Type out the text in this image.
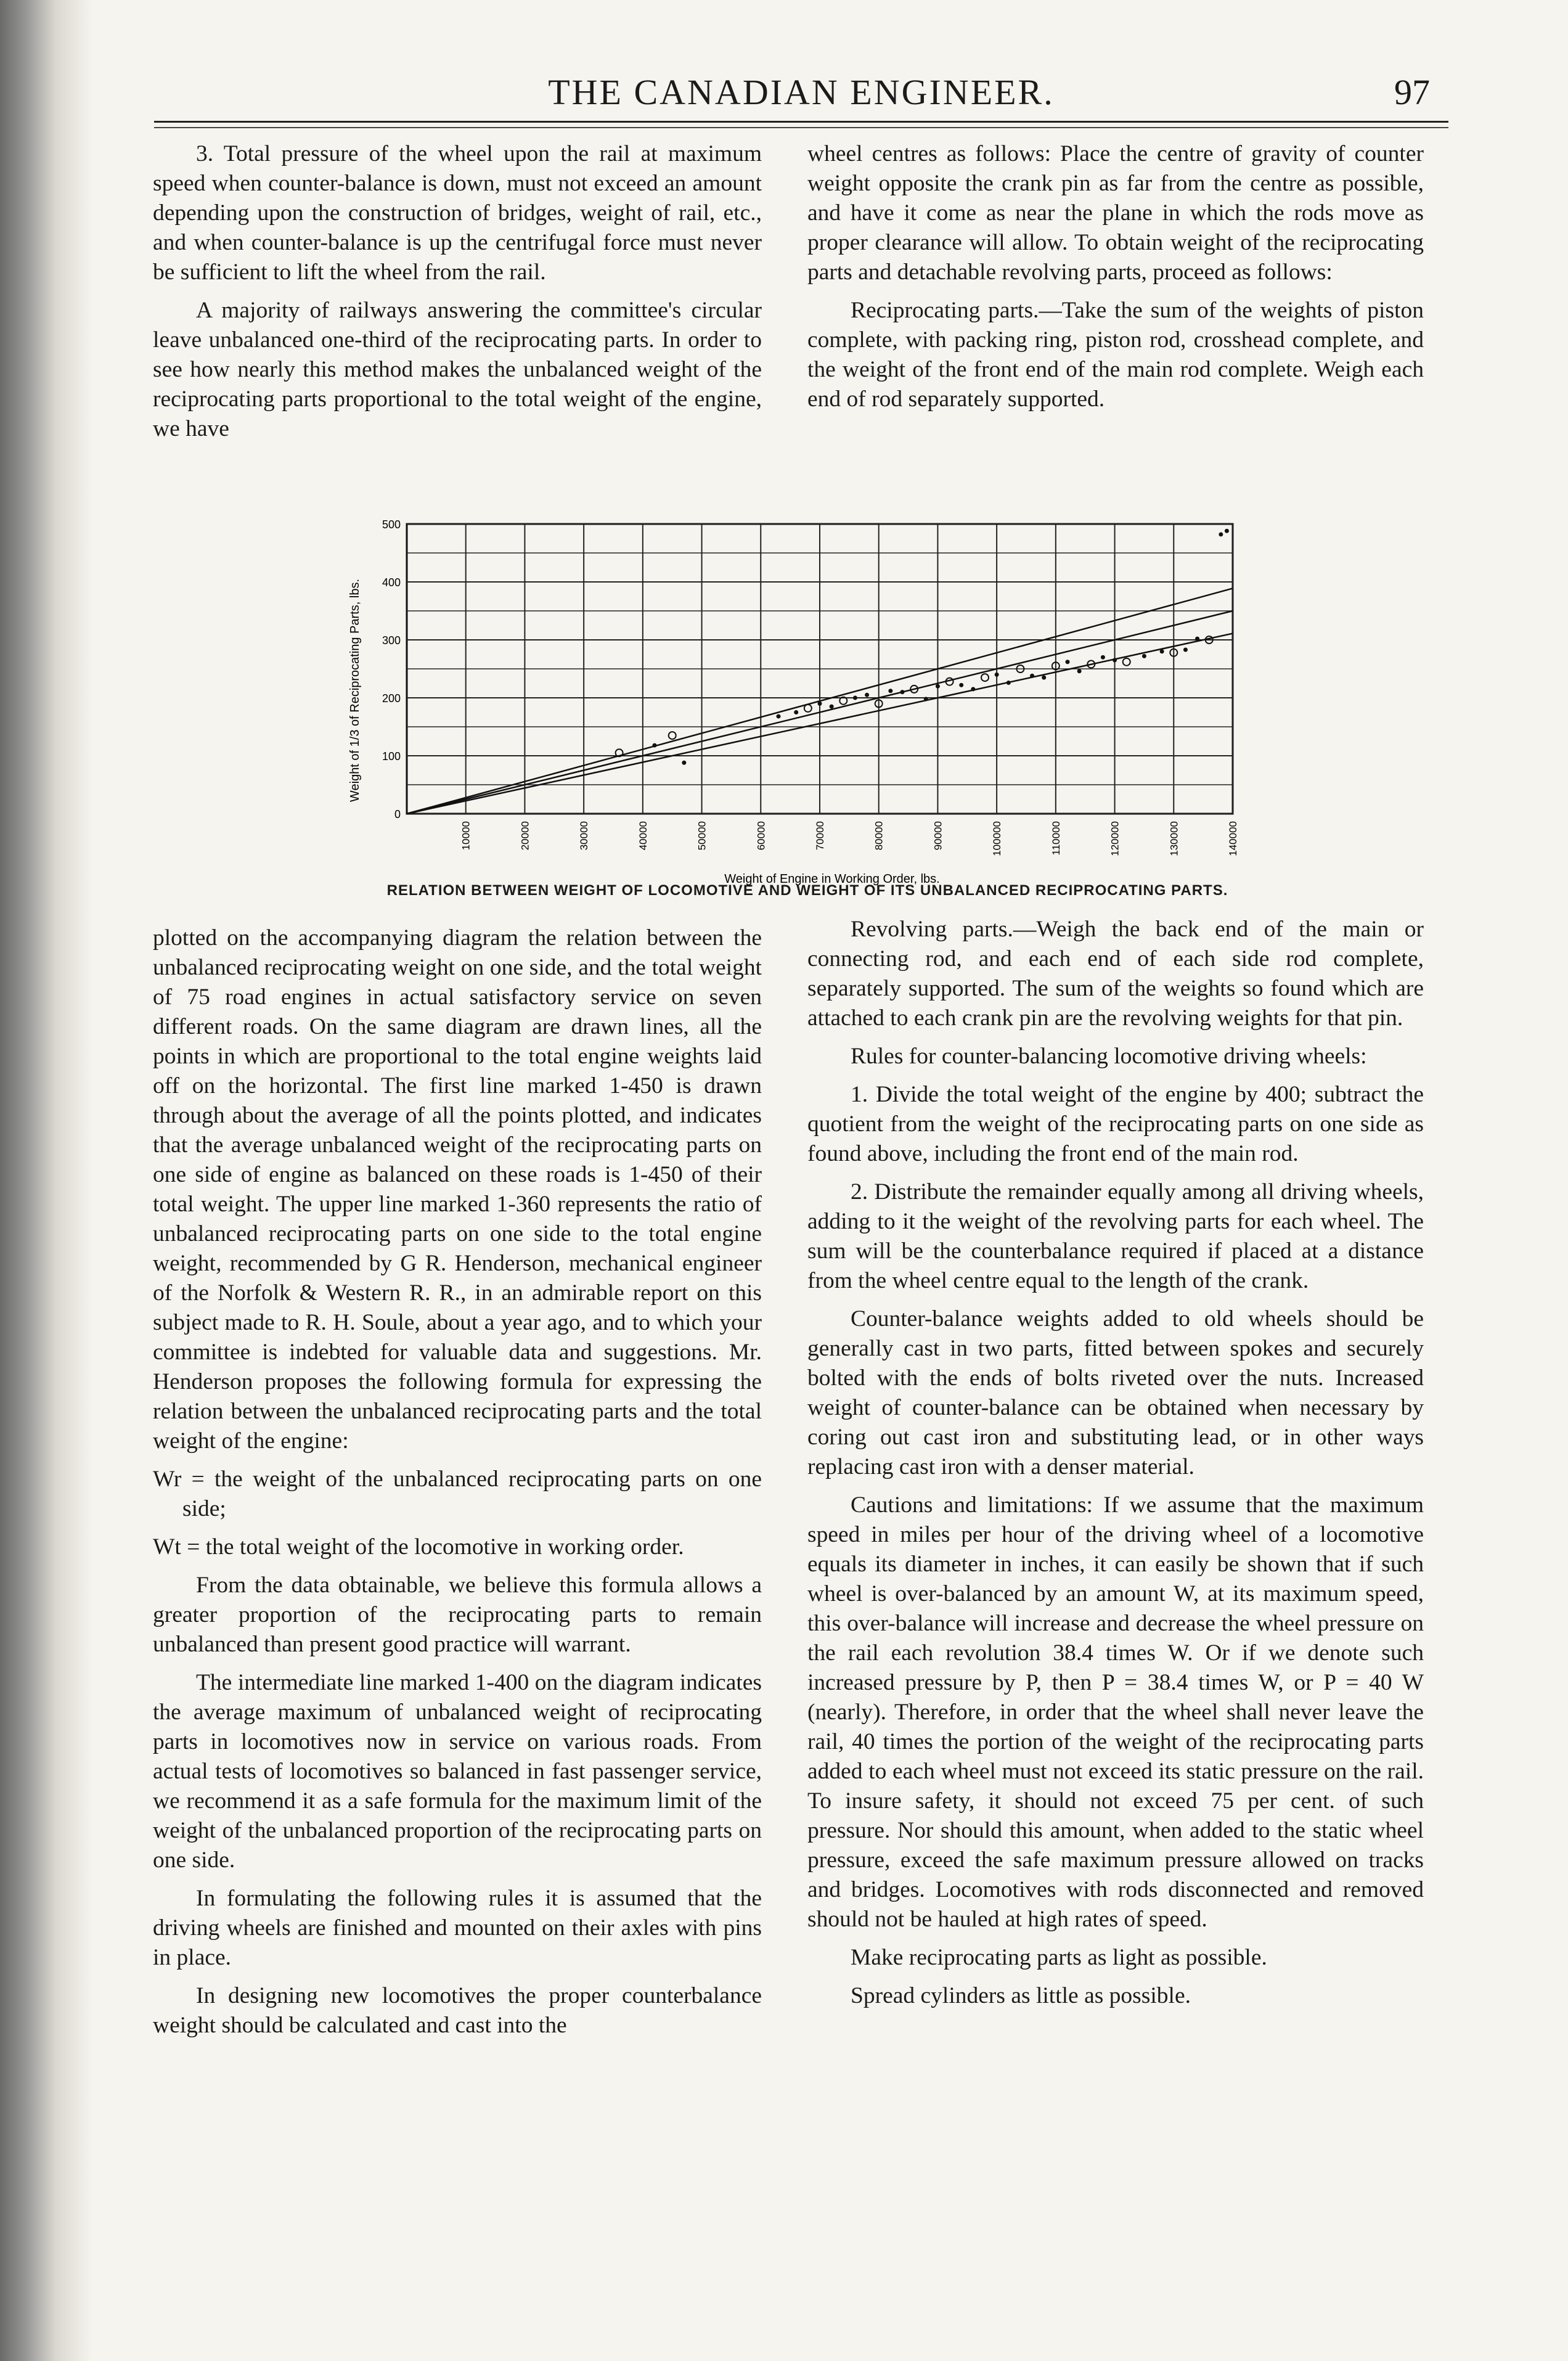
THE CANADIAN ENGINEER.	97

3. Total pressure of the wheel upon the rail at maximum speed when counter-balance is down, must not exceed an amount depending upon the construction of bridges, weight of rail, etc., and when counter-balance is up the centrifugal force must never be sufficient to lift the wheel from the rail.

A majority of railways answering the committee's circular leave unbalanced one-third of the reciprocating parts. In order to see how nearly this method makes the unbalanced weight of the reciprocating parts proportional to the total weight of the engine, we have

wheel centres as follows: Place the centre of gravity of counter weight opposite the crank pin as far from the centre as possible, and have it come as near the plane in which the rods move as proper clearance will allow. To obtain weight of the reciprocating parts and detachable revolving parts, proceed as follows:

Reciprocating parts.—Take the sum of the weights of piston complete, with packing ring, piston rod, crosshead complete, and the weight of the front end of the main rod complete. Weigh each end of rod separately supported.

0
100
200
300
400
500
10000	20000	30000	40000	50000	60000	70000	80000	90000	100000	110000	120000	130000	140000
Weight of 1/3 of Reciprocating Parts, lbs.
Weight of Engine in Working Order, lbs.
RELATION BETWEEN WEIGHT OF LOCOMOTIVE AND WEIGHT OF ITS UNBALANCED RECIPROCATING PARTS.

plotted on the accompanying diagram the relation between the unbalanced reciprocating weight on one side, and the total weight of 75 road engines in actual satisfactory service on seven different roads. On the same diagram are drawn lines, all the points in which are proportional to the total engine weights laid off on the horizontal. The first line marked 1-450 is drawn through about the average of all the points plotted, and indicates that the average unbalanced weight of the reciprocating parts on one side of engine as balanced on these roads is 1-450 of their total weight. The upper line marked 1-360 represents the ratio of unbalanced reciprocating parts on one side to the total engine weight, recommended by G R. Henderson, mechanical engineer of the Norfolk & Western R. R., in an admirable report on this subject made to R. H. Soule, about a year ago, and to which your committee is indebted for valuable data and suggestions. Mr. Henderson proposes the following formula for expressing the relation between the unbalanced reciprocating parts and the total weight of the engine:

Wr = the weight of the unbalanced reciprocating parts on one side;

Wt = the total weight of the locomotive in working order.

From the data obtainable, we believe this formula allows a greater proportion of the reciprocating parts to remain unbalanced than present good practice will warrant.

The intermediate line marked 1-400 on the diagram indicates the average maximum of unbalanced weight of reciprocating parts in locomotives now in service on various roads. From actual tests of locomotives so balanced in fast passenger service, we recommend it as a safe formula for the maximum limit of the weight of the unbalanced proportion of the reciprocating parts on one side.

In formulating the following rules it is assumed that the driving wheels are finished and mounted on their axles with pins in place.

In designing new locomotives the proper counterbalance weight should be calculated and cast into the

Revolving parts.—Weigh the back end of the main or connecting rod, and each end of each side rod complete, separately supported. The sum of the weights so found which are attached to each crank pin are the revolving weights for that pin.

Rules for counter-balancing locomotive driving wheels:

1. Divide the total weight of the engine by 400; subtract the quotient from the weight of the reciprocating parts on one side as found above, including the front end of the main rod.

2. Distribute the remainder equally among all driving wheels, adding to it the weight of the revolving parts for each wheel. The sum will be the counterbalance required if placed at a distance from the wheel centre equal to the length of the crank.

Counter-balance weights added to old wheels should be generally cast in two parts, fitted between spokes and securely bolted with the ends of bolts riveted over the nuts. Increased weight of counter-balance can be obtained when necessary by coring out cast iron and substituting lead, or in other ways replacing cast iron with a denser material.

Cautions and limitations: If we assume that the maximum speed in miles per hour of the driving wheel of a locomotive equals its diameter in inches, it can easily be shown that if such wheel is over-balanced by an amount W, at its maximum speed, this over-balance will increase and decrease the wheel pressure on the rail each revolution 38.4 times W. Or if we denote such increased pressure by P, then P = 38.4 times W, or P = 40 W (nearly). Therefore, in order that the wheel shall never leave the rail, 40 times the portion of the weight of the reciprocating parts added to each wheel must not exceed its static pressure on the rail. To insure safety, it should not exceed 75 per cent. of such pressure. Nor should this amount, when added to the static wheel pressure, exceed the safe maximum pressure allowed on tracks and bridges. Locomotives with rods disconnected and removed should not be hauled at high rates of speed.

Make reciprocating parts as light as possible.

Spread cylinders as little as possible.
